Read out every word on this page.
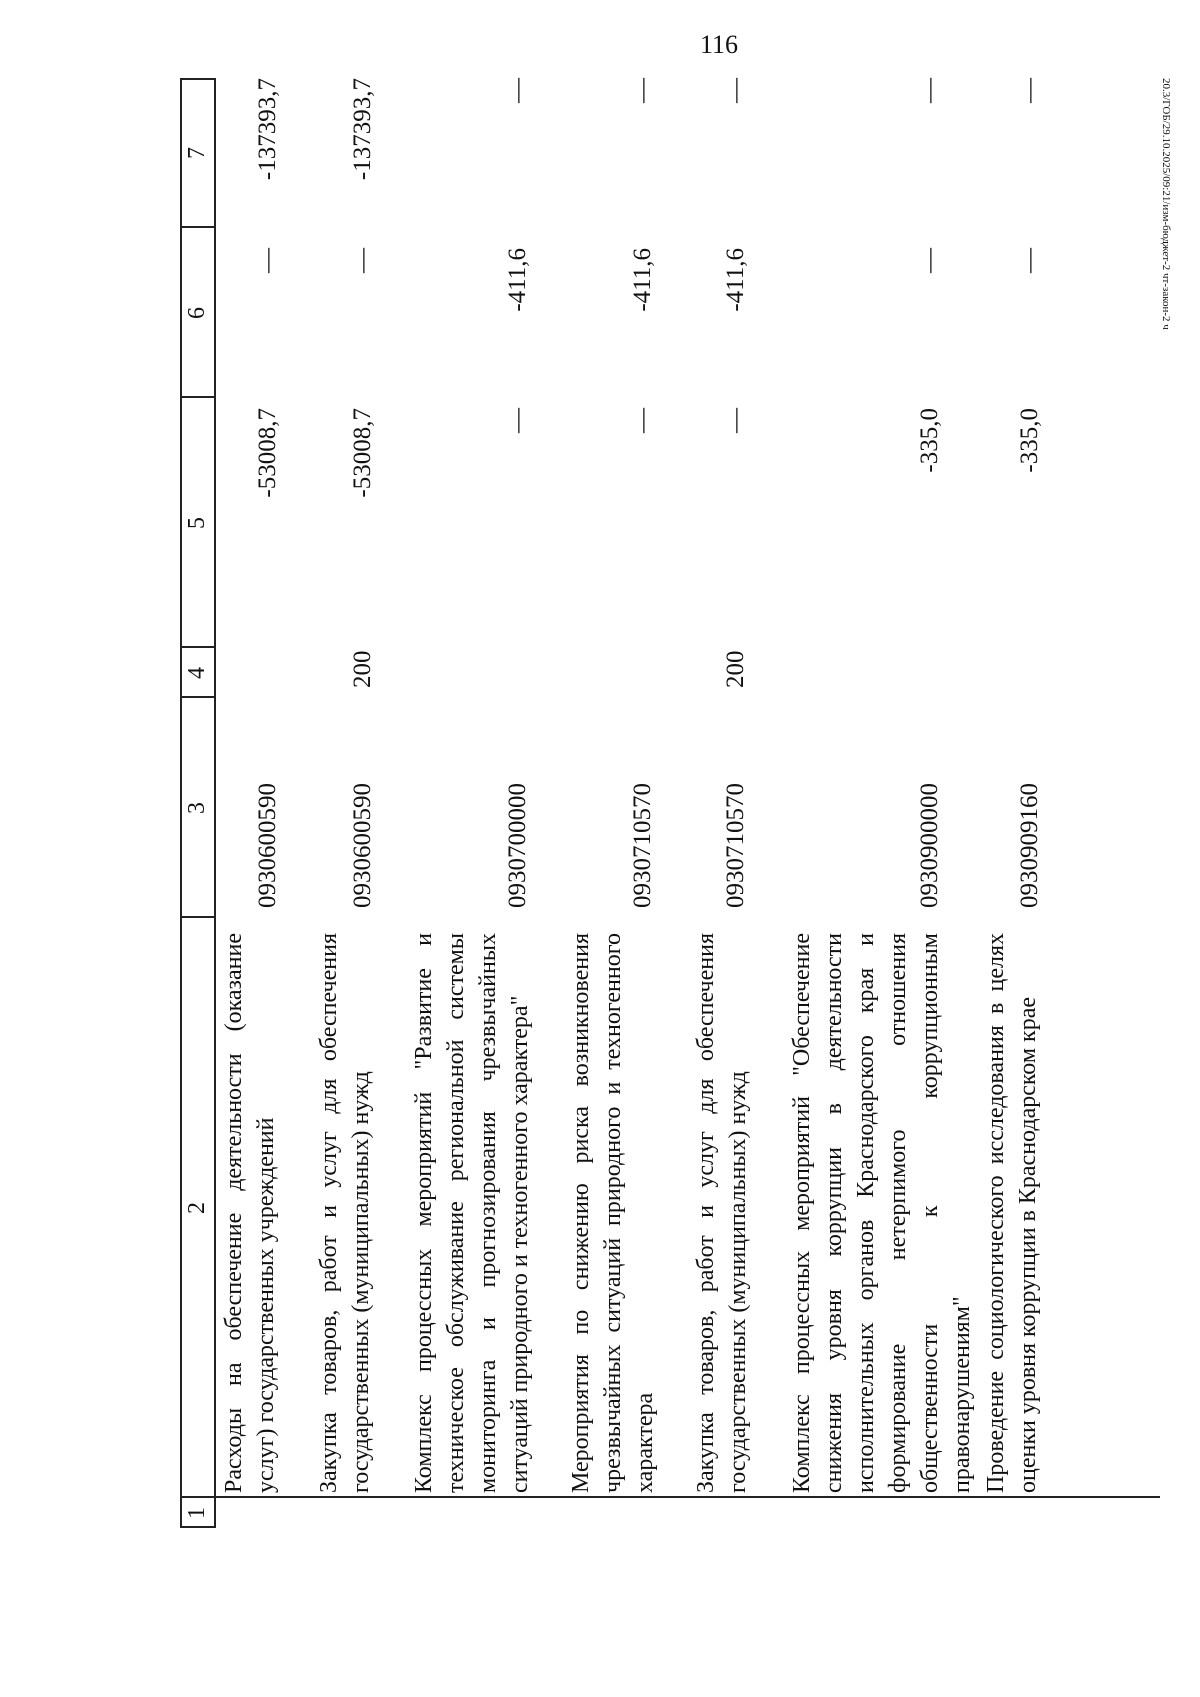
116
20.3/ГОБ/29.10.2025/09:21/изм-бюджет-2 чт-закон-2 ч
1
2
3
4
5
6
7
Расходы на обеспечение деятельности (оказание услуг) государственных учреждений
0930600590
-53008,7
—
-137393,7
Закупка товаров, работ и услуг для обеспечения государственных (муниципальных) нужд
0930600590
200
-53008,7
—
-137393,7
Комплекс процессных мероприятий "Развитие и техническое обслуживание региональной системы мониторинга и прогнозирования чрезвычайных ситуаций природного и техногенного характера"
0930700000
—
-411,6
—
Мероприятия по снижению риска возникновения чрезвычайных ситуаций природного и техногенного характера
0930710570
—
-411,6
—
Закупка товаров, работ и услуг для обеспечения государственных (муниципальных) нужд
0930710570
200
—
-411,6
—
Комплекс процессных мероприятий "Обеспечение снижения уровня коррупции в деятельности исполнительных органов Краснодарского края и формирование нетерпимого отношения общественности к коррупционным правонарушениям"
0930900000
-335,0
—
—
Проведение социологического исследования в целях оценки уровня коррупции в Краснодарском крае
0930909160
-335,0
—
—
